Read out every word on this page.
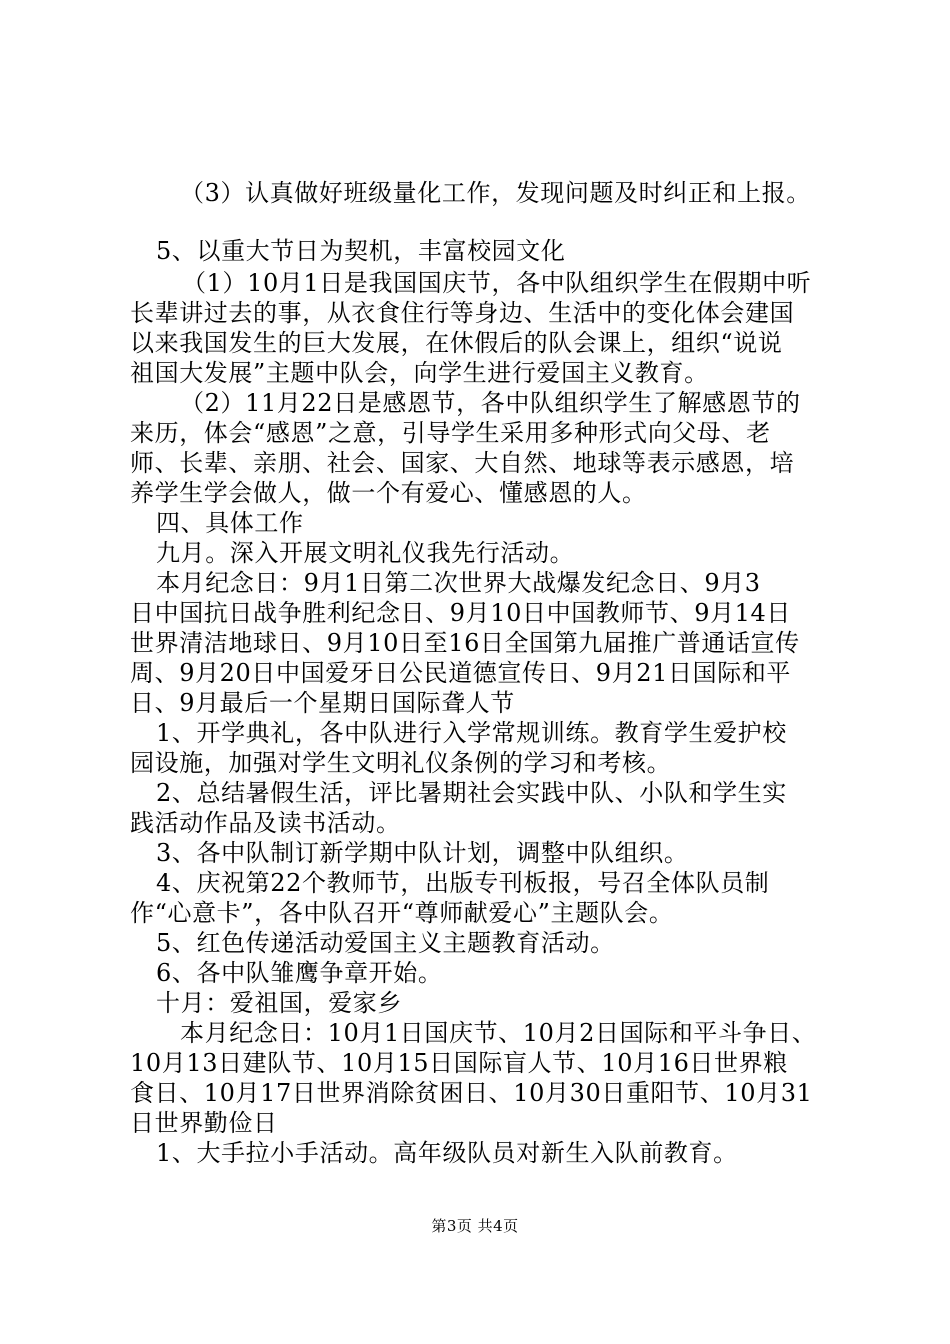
（3）认真做好班级量化工作，发现问题及时纠正和上报。
5、以重大节日为契机，丰富校园文化
（1）10月1日是我国国庆节，各中队组织学生在假期中听
长辈讲过去的事，从衣食住行等身边、生活中的变化体会建国
以来我国发生的巨大发展，在休假后的队会课上，组织“说说
祖国大发展”主题中队会，向学生进行爱国主义教育。
（2）11月22日是感恩节，各中队组织学生了解感恩节的
来历，体会“感恩”之意，引导学生采用多种形式向父母、老
师、长辈、亲朋、社会、国家、大自然、地球等表示感恩，培
养学生学会做人，做一个有爱心、懂感恩的人。
四、具体工作
九月。深入开展文明礼仪我先行活动。
本月纪念日：9月1日第二次世界大战爆发纪念日、9月3
日中国抗日战争胜利纪念日、9月10日中国教师节、9月14日
世界清洁地球日、9月10日至16日全国第九届推广普通话宣传
周、9月20日中国爱牙日公民道德宣传日、9月21日国际和平
日、9月最后一个星期日国际聋人节
1、开学典礼，各中队进行入学常规训练。教育学生爱护校
园设施，加强对学生文明礼仪条例的学习和考核。
2、总结暑假生活，评比暑期社会实践中队、小队和学生实
践活动作品及读书活动。
3、各中队制订新学期中队计划，调整中队组织。
4、庆祝第22个教师节，出版专刊板报，号召全体队员制
作“心意卡”，各中队召开“尊师献爱心”主题队会。
5、红色传递活动爱国主义主题教育活动。
6、各中队雏鹰争章开始。
十月：爱祖国，爱家乡
本月纪念日：10月1日国庆节、10月2日国际和平斗争日、
10月13日建队节、10月15日国际盲人节、10月16日世界粮
食日、10月17日世界消除贫困日、10月30日重阳节、10月31
日世界勤俭日
1、大手拉小手活动。高年级队员对新生入队前教育。
第3页 共4页
